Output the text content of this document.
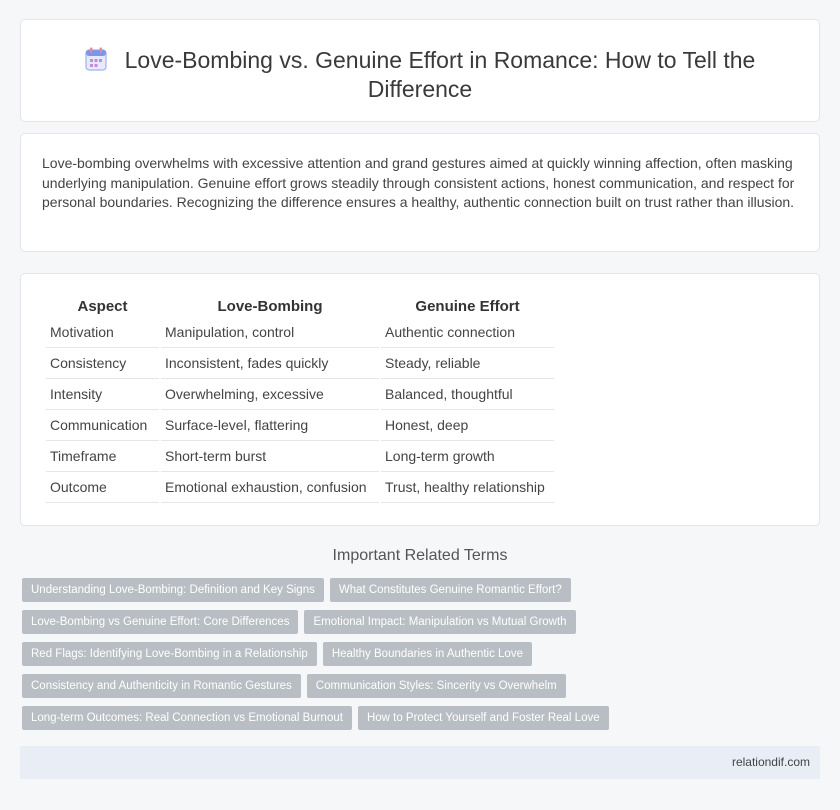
Love-Bombing vs. Genuine Effort in Romance: How to Tell the Difference

Love-bombing overwhelms with excessive attention and grand gestures aimed at quickly winning affection, often masking underlying manipulation. Genuine effort grows steadily through consistent actions, honest communication, and respect for personal boundaries. Recognizing the difference ensures a healthy, authentic connection built on trust rather than illusion.

Aspect	Love-Bombing	Genuine Effort
Motivation	Manipulation, control	Authentic connection
Consistency	Inconsistent, fades quickly	Steady, reliable
Intensity	Overwhelming, excessive	Balanced, thoughtful
Communication	Surface-level, flattering	Honest, deep
Timeframe	Short-term burst	Long-term growth
Outcome	Emotional exhaustion, confusion	Trust, healthy relationship
Important Related Terms
Understanding Love-Bombing: Definition and Key Signs	What Constitutes Genuine Romantic Effort?
Love-Bombing vs Genuine Effort: Core Differences	Emotional Impact: Manipulation vs Mutual Growth
Red Flags: Identifying Love-Bombing in a Relationship	Healthy Boundaries in Authentic Love
Consistency and Authenticity in Romantic Gestures	Communication Styles: Sincerity vs Overwhelm
Long-term Outcomes: Real Connection vs Emotional Burnout	How to Protect Yourself and Foster Real Love
relationdif.com
